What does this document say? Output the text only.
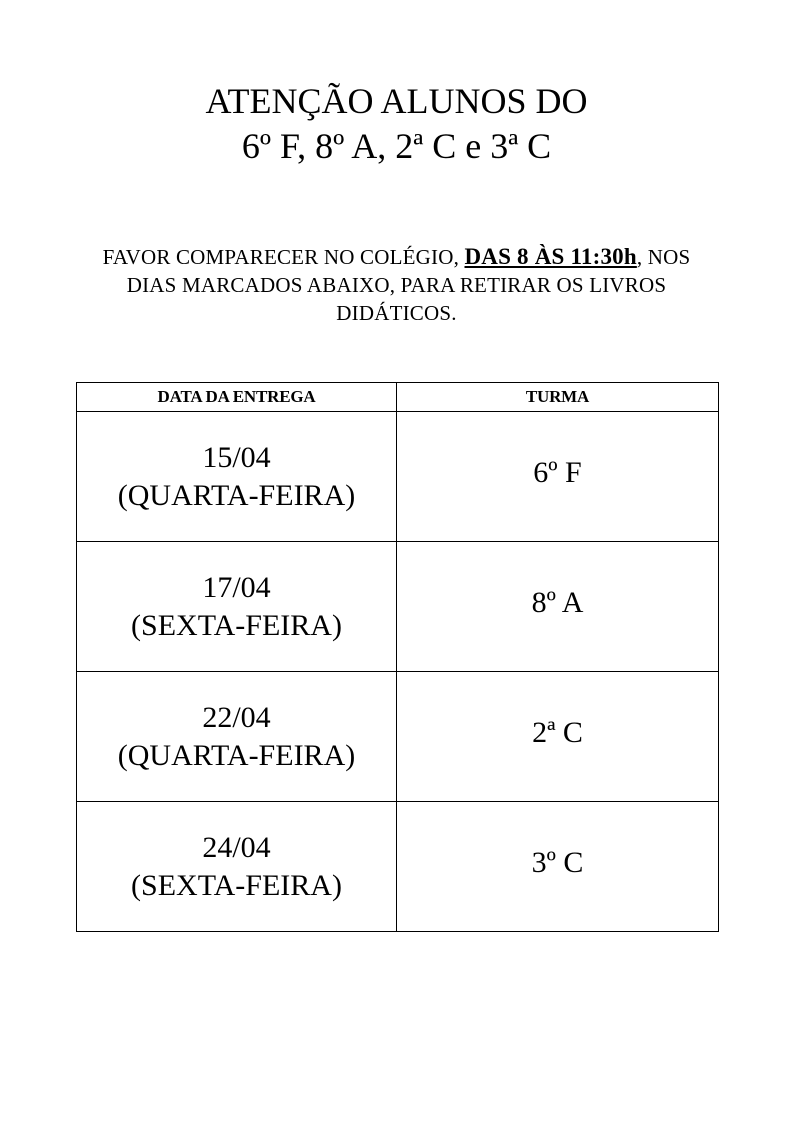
ATENÇÃO ALUNOS DO
6º F, 8º A, 2ª C e 3ª C
FAVOR COMPARECER NO COLÉGIO, DAS 8 ÀS 11:30h, NOS DIAS MARCADOS ABAIXO, PARA RETIRAR OS LIVROS DIDÁTICOS.
DATA DA ENTREGA	TURMA

15/04
(QUARTA-FEIRA)	6º F

17/04
(SEXTA-FEIRA)	8º A

22/04
(QUARTA-FEIRA)	2ª C

24/04
(SEXTA-FEIRA)	3º C
